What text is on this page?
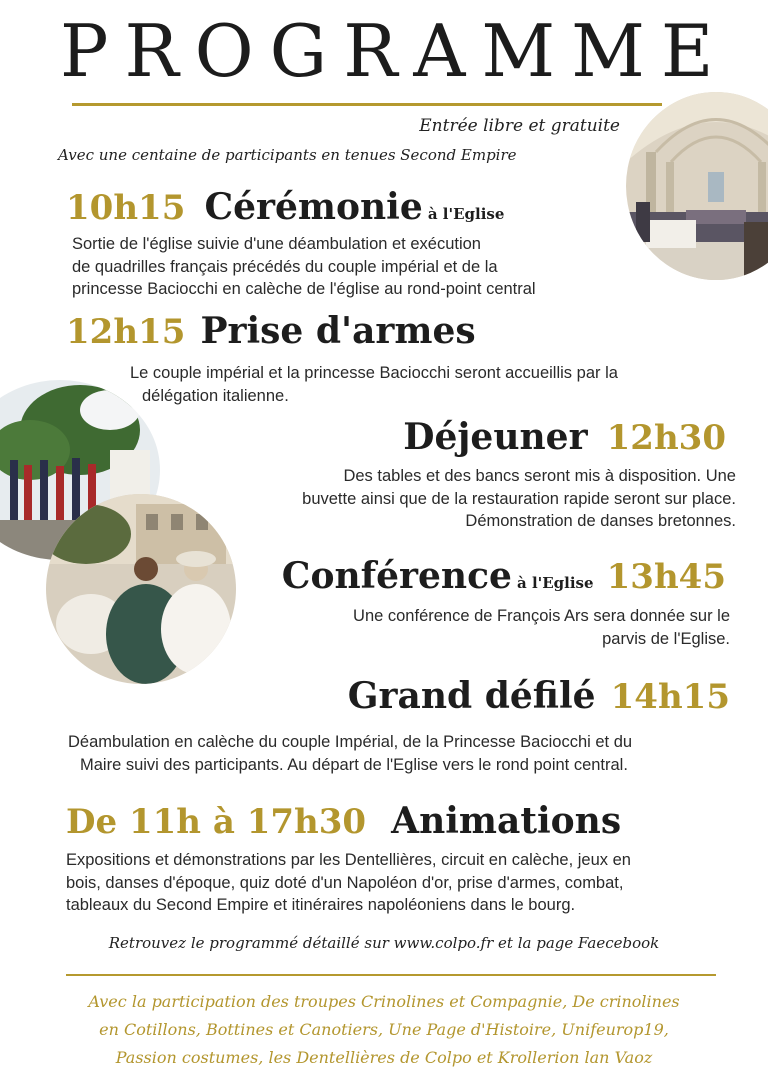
PROGRAMME
Entrée libre et gratuite
Avec une centaine de participants en tenues Second Empire
10h15 Cérémonie à l'Eglise
Sortie de l'église suivie d'une déambulation et exécution
de quadrilles français précédés du couple impérial et de la
princesse Baciocchi en calèche de l'église au rond-point central
12h15 Prise d'armes
Le couple impérial et la princesse Baciocchi seront accueillis par la
délégation italienne.
Déjeuner 12h30
Des tables et des bancs seront mis à disposition. Une
buvette ainsi que de la restauration rapide seront sur place.
Démonstration de danses bretonnes.
Conférence à l'Eglise 13h45
Une conférence de François Ars sera donnée sur le
parvis de l'Eglise.
Grand défilé 14h15
Déambulation en calèche du couple Impérial, de la Princesse Baciocchi et du
Maire suivi des participants. Au départ de l'Eglise vers le rond point central.
De 11h à 17h30 Animations
Expositions et démonstrations par les Dentellières, circuit en calèche, jeux en
bois, danses d'époque, quiz doté d'un Napoléon d'or, prise d'armes, combat,
tableaux du Second Empire et itinéraires napoléoniens dans le bourg.
Retrouvez le programmé détaillé sur www.colpo.fr et la page Faecebook
Avec la participation des troupes Crinolines et Compagnie, De crinolines
en Cotillons, Bottines et Canotiers, Une Page d'Histoire, Unifeurop19,
Passion costumes, les Dentellières de Colpo et Krollerion lan Vaoz
